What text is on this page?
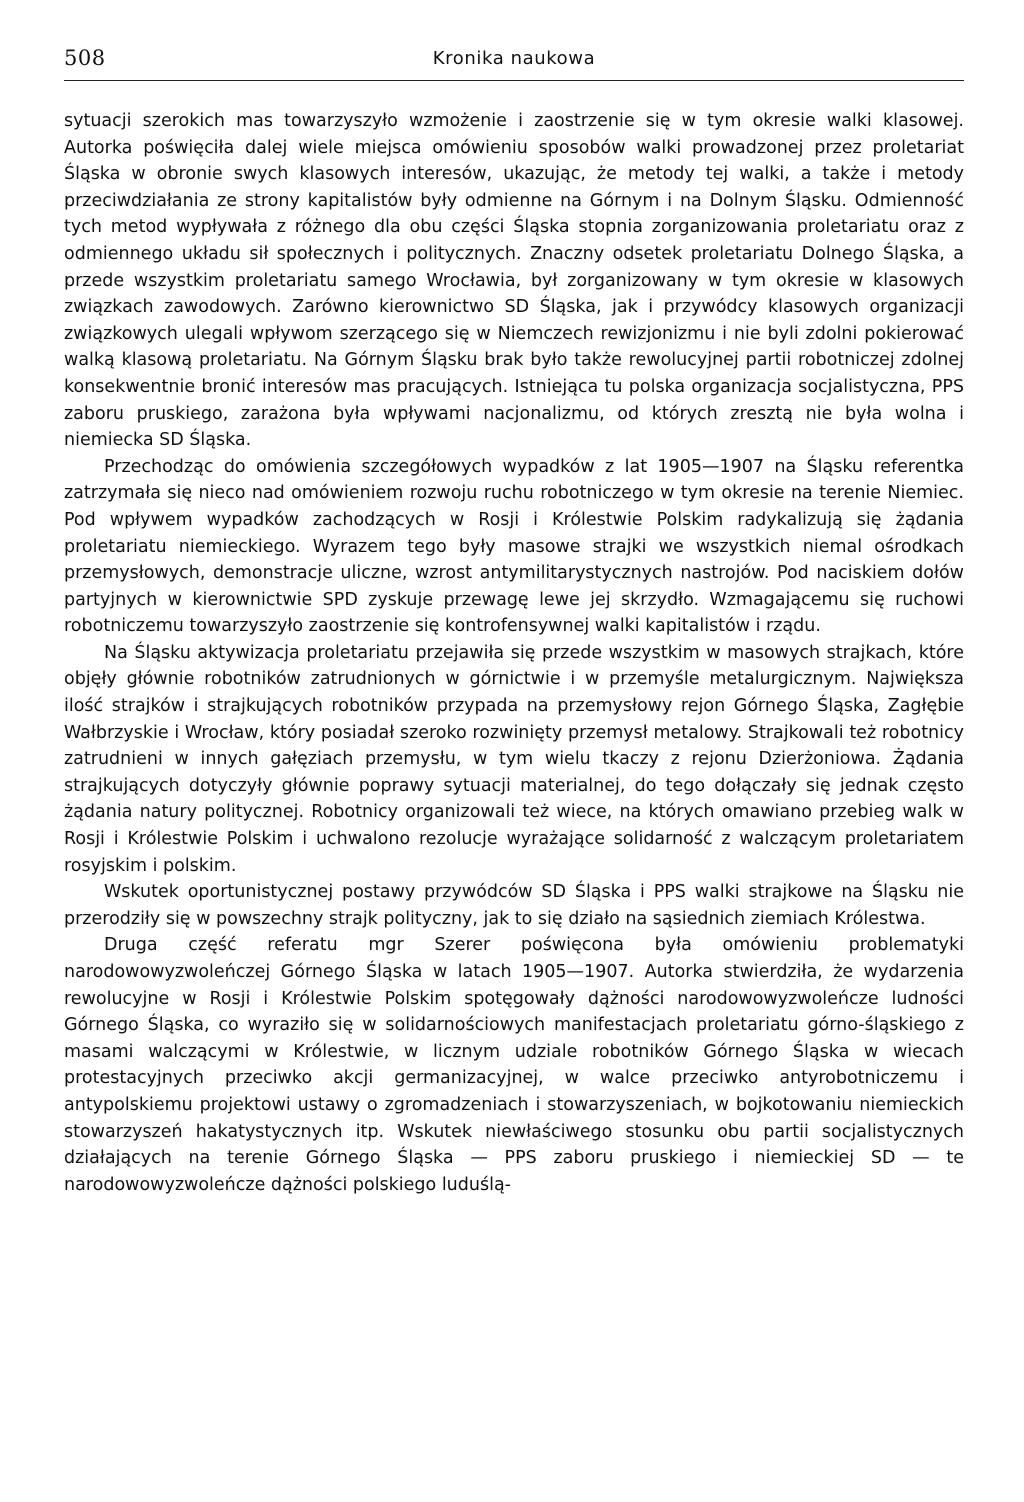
508	Kronika naukowa

sytuacji szerokich mas towarzyszyło wzmożenie i zaostrzenie się w tym okresie walki klasowej. Autorka poświęciła dalej wiele miejsca omówieniu sposobów walki prowadzonej przez proletariat Śląska w obronie swych klasowych interesów, ukazując, że metody tej walki, a także i metody przeciwdziałania ze strony kapitalistów były odmienne na Górnym i na Dolnym Śląsku. Odmienność tych metod wypływała z różnego dla obu części Śląska stopnia zorganizowania proletariatu oraz z odmiennego układu sił społecznych i politycznych. Znaczny odsetek proletariatu Dolnego Śląska, a przede wszystkim proletariatu samego Wrocławia, był zorganizowany w tym okresie w klasowych związkach zawodowych. Zarówno kierownictwo SD Śląska, jak i przywódcy klasowych organizacji związkowych ulegali wpływom szerzącego się w Niemczech rewizjonizmu i nie byli zdolni pokierować walką klasową proletariatu. Na Górnym Śląsku brak było także rewolucyjnej partii robotniczej zdolnej konsekwentnie bronić interesów mas pracujących. Istniejąca tu polska organizacja socjalistyczna, PPS zaboru pruskiego, zarażona była wpływami nacjonalizmu, od których zresztą nie była wolna i niemiecka SD Śląska.

Przechodząc do omówienia szczegółowych wypadków z lat 1905—1907 na Śląsku referentka zatrzymała się nieco nad omówieniem rozwoju ruchu robotniczego w tym okresie na terenie Niemiec. Pod wpływem wypadków zachodzących w Rosji i Królestwie Polskim radykalizują się żądania proletariatu niemieckiego. Wyrazem tego były masowe strajki we wszystkich niemal ośrodkach przemysłowych, demonstracje uliczne, wzrost antymilitarystycznych nastrojów. Pod naciskiem dołów partyjnych w kierownictwie SPD zyskuje przewagę lewe jej skrzydło. Wzmagającemu się ruchowi robotniczemu towarzyszyło zaostrzenie się kontrofensywnej walki kapitalistów i rządu.

Na Śląsku aktywizacja proletariatu przejawiła się przede wszystkim w masowych strajkach, które objęły głównie robotników zatrudnionych w górnictwie i w przemyśle metalurgicznym. Największa ilość strajków i strajkujących robotników przypada na przemysłowy rejon Górnego Śląska, Zagłębie Wałbrzyskie i Wrocław, który posiadał szeroko rozwinięty przemysł metalowy. Strajkowali też robotnicy zatrudnieni w innych gałęziach przemysłu, w tym wielu tkaczy z rejonu Dzierżoniowa. Żądania strajkujących dotyczyły głównie poprawy sytuacji materialnej, do tego dołączały się jednak często żądania natury politycznej. Robotnicy organizowali też wiece, na których omawiano przebieg walk w Rosji i Królestwie Polskim i uchwalono rezolucje wyrażające solidarność z walczącym proletariatem rosyjskim i polskim.

Wskutek oportunistycznej postawy przywódców SD Śląska i PPS walki strajkowe na Śląsku nie przerodziły się w powszechny strajk polityczny, jak to się działo na sąsiednich ziemiach Królestwa.

Druga część referatu mgr Szerer poświęcona była omówieniu problematyki narodowowyzwoleńczej Górnego Śląska w latach 1905—1907. Autorka stwierdziła, że wydarzenia rewolucyjne w Rosji i Królestwie Polskim spotęgowały dążności narodowowyzwoleńcze ludności Górnego Śląska, co wyraziło się w solidarnościowych manifestacjach proletariatu górno-śląskiego z masami walczącymi w Królestwie, w licznym udziale robotników Górnego Śląska w wiecach protestacyjnych przeciwko akcji germanizacyjnej, w walce przeciwko antyrobotniczemu i antypolskiemu projektowi ustawy o zgromadzeniach i stowarzyszeniach, w bojkotowaniu niemieckich stowarzyszeń hakatystycznych itp. Wskutek niewłaściwego stosunku obu partii socjalistycznych działających na terenie Górnego Śląska — PPS zaboru pruskiego i niemieckiej SD — te narodowowyzwoleńcze dążności polskiego luduślą-
